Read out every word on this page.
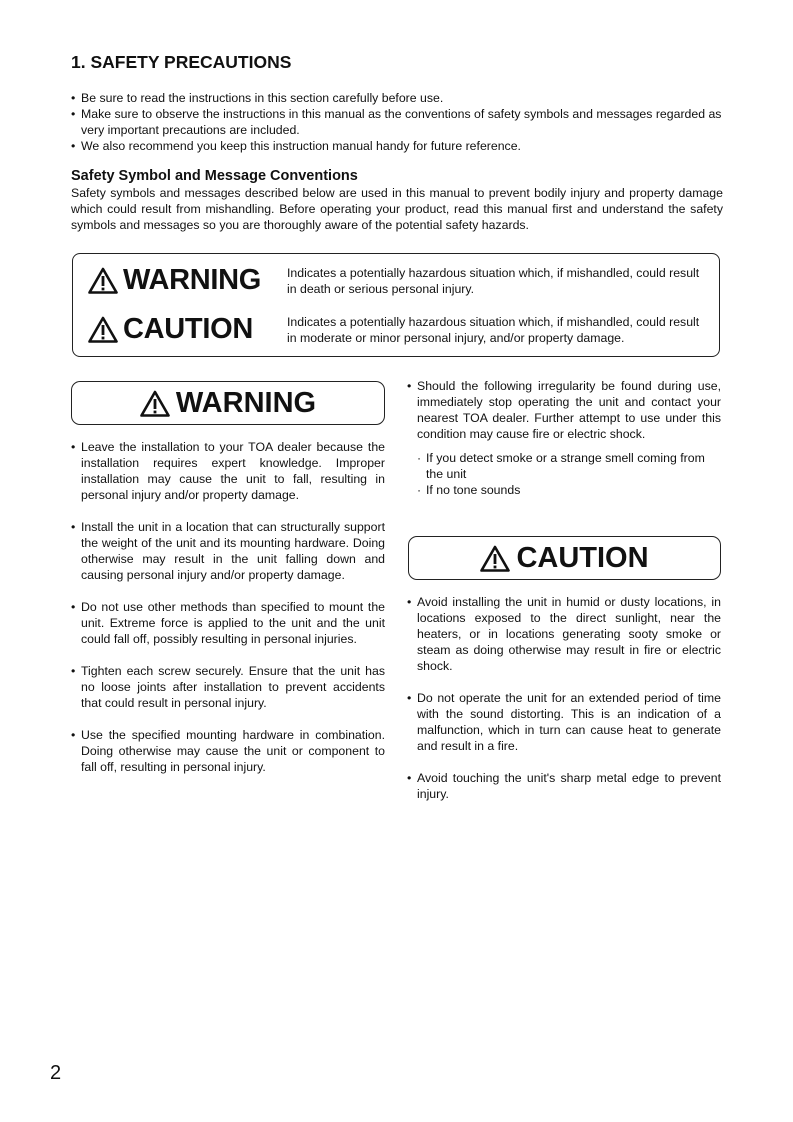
1. SAFETY PRECAUTIONS
• Be sure to read the instructions in this section carefully before use.
• Make sure to observe the instructions in this manual as the conventions of safety symbols and messages regarded as very important precautions are included.
• We also recommend you keep this instruction manual handy for future reference.
Safety Symbol and Message Conventions
Safety symbols and messages described below are used in this manual to prevent bodily injury and property damage which could result from mishandling. Before operating your product, read this manual first and understand the safety symbols and messages so you are thoroughly aware of the potential safety hazards.
WARNING Indicates a potentially hazardous situation which, if mishandled, could result in death or serious personal injury.
CAUTION	Indicates a potentially hazardous situation which, if mishandled, could result in moderate or minor personal injury, and/or property damage.
WARNING
• Leave the installation to your TOA dealer because the installation requires expert knowledge. Improper installation may cause the unit to fall, resulting in personal injury and/or property damage.
• Install the unit in a location that can structurally support the weight of the unit and its mounting hardware. Doing otherwise may result in the unit falling down and causing personal injury and/or property damage.
• Do not use other methods than specified to mount the unit. Extreme force is applied to the unit and the unit could fall off, possibly resulting in personal injuries.
• Tighten each screw securely. Ensure that the unit has no loose joints after installation to prevent accidents that could result in personal injury.
• Use the specified mounting hardware in combination. Doing otherwise may cause the unit or component to fall off, resulting in personal injury.
• Should the following irregularity be found during use, immediately stop operating the unit and contact your nearest TOA dealer. Further attempt to use under this condition may cause fire or electric shock.
· If you detect smoke or a strange smell coming from the unit
· If no tone sounds
CAUTION
• Avoid installing the unit in humid or dusty locations, in locations exposed to the direct sunlight, near the heaters, or in locations generating sooty smoke or steam as doing otherwise may result in fire or electric shock.
• Do not operate the unit for an extended period of time with the sound distorting. This is an indication of a malfunction, which in turn can cause heat to generate and result in a fire.
• Avoid touching the unit's sharp metal edge to prevent injury.
2
